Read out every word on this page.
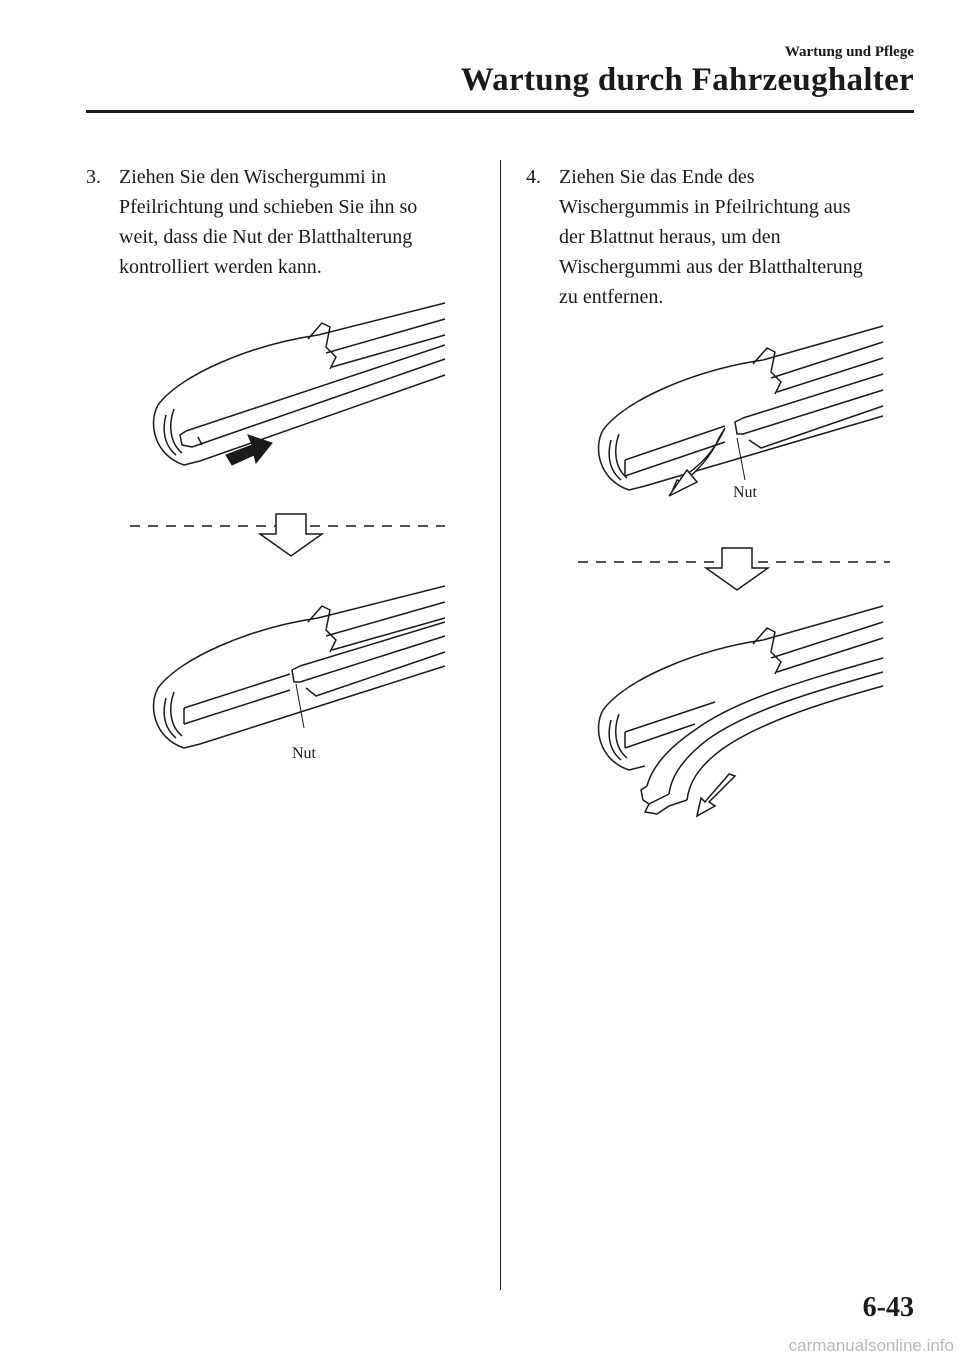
Wartung und Pflege
Wartung durch Fahrzeughalter
3. Ziehen Sie den Wischergummi in
Pfeilrichtung und schieben Sie ihn so
weit, dass die Nut der Blatthalterung
kontrolliert werden kann.
4. Ziehen Sie das Ende des
Wischergummis in Pfeilrichtung aus
der Blattnut heraus, um den
Wischergummi aus der Blatthalterung
zu entfernen.
Nut
Nut
6-43
carmanualsonline.info
